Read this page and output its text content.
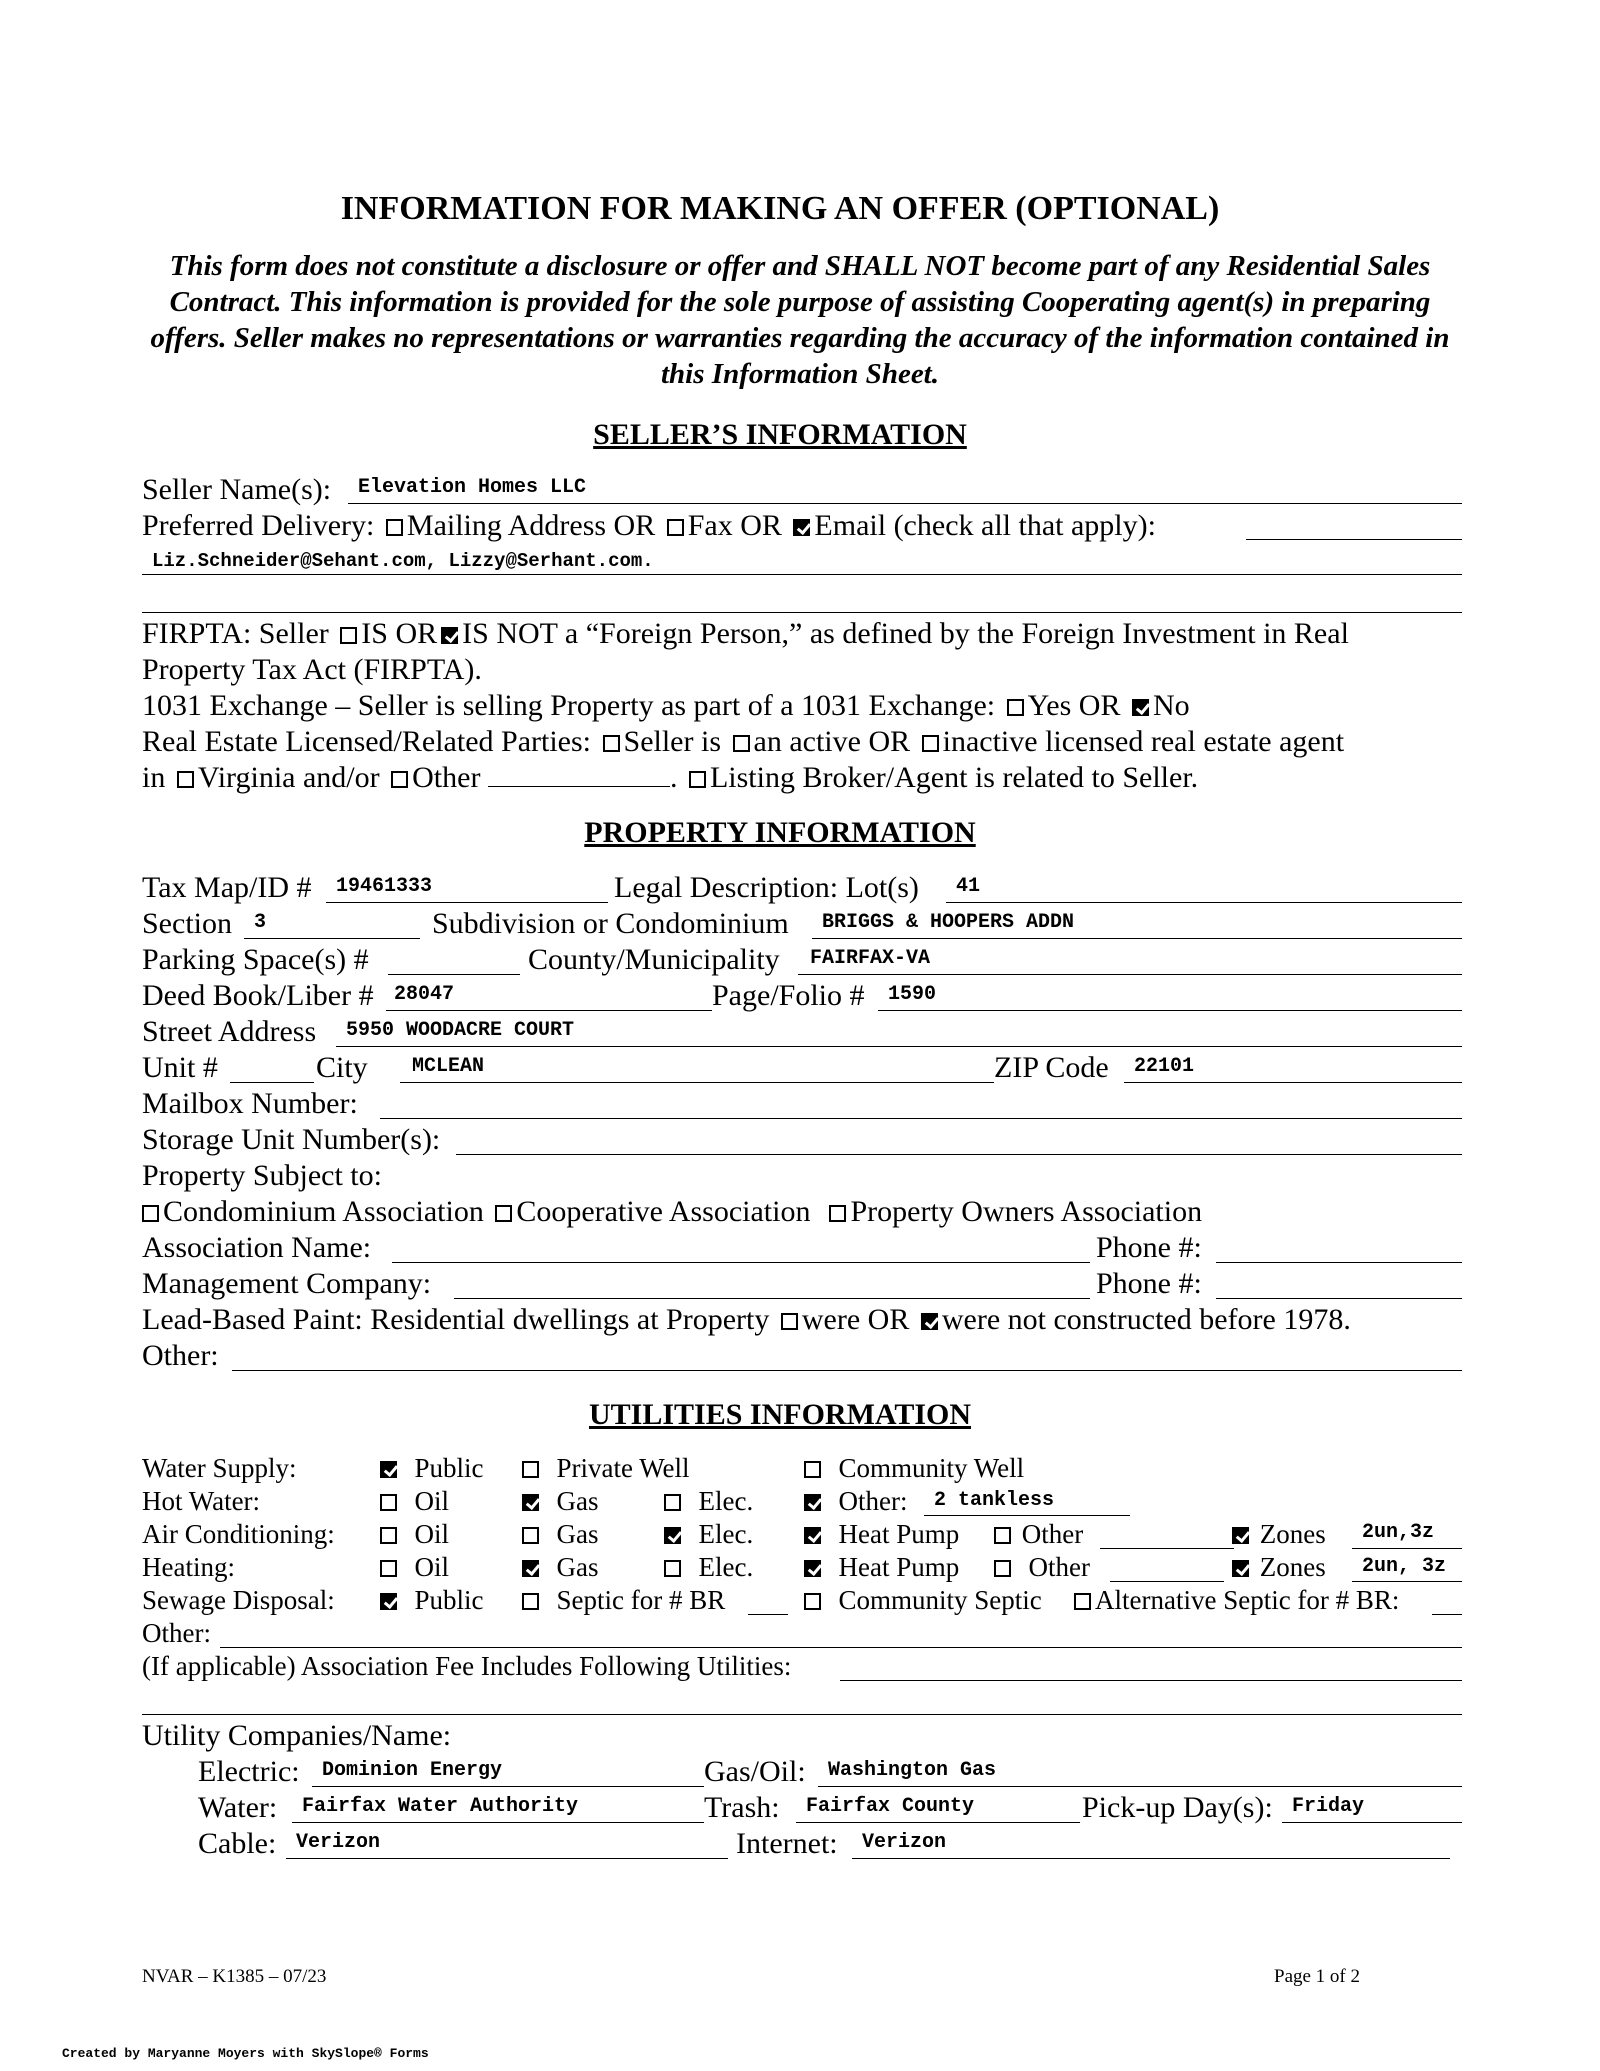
INFORMATION FOR MAKING AN OFFER (OPTIONAL)
This form does not constitute a disclosure or offer and SHALL NOT become part of any Residential Sales Contract. This information is provided for the sole purpose of assisting Cooperating agent(s) in preparing offers. Seller makes no representations or warranties regarding the accuracy of the information contained in this Information Sheet.
SELLER’S INFORMATION
Seller Name(s): Elevation Homes LLC
Preferred Delivery: Mailing Address OR Fax OR Email (check all that apply):
Liz.Schneider@Sehant.com, Lizzy@Serhant.com.
FIRPTA: Seller IS OR IS NOT a “Foreign Person,” as defined by the Foreign Investment in Real
Property Tax Act (FIRPTA).
1031 Exchange – Seller is selling Property as part of a 1031 Exchange: Yes OR No
Real Estate Licensed/Related Parties: Seller is an active OR inactive licensed real estate agent
in Virginia and/or Other	. Listing Broker/Agent is related to Seller.
PROPERTY INFORMATION
Tax Map/ID # 19461333	Legal Description: Lot(s) 41
Section 3	Subdivision or Condominium BRIGGS & HOOPERS ADDN
Parking Space(s) #	County/Municipality FAIRFAX-VA
Deed Book/Liber # 28047	Page/Folio # 1590
Street Address 5950 WOODACRE COURT
Unit #	City MCLEAN	ZIP Code 22101
Mailbox Number:
Storage Unit Number(s):
Property Subject to:
Condominium Association Cooperative Association Property Owners Association
Association Name:	Phone #:
Management Company:	Phone #:
Lead-Based Paint: Residential dwellings at Property were OR were not constructed before 1978.
Other:
UTILITIES INFORMATION
Water Supply:	Public	Private Well	Community Well
Hot Water:	Oil	Gas	Elec.	Other: 2 tankless
Air Conditioning:	Oil	Gas	Elec.	Heat Pump	Other	Zones 2un,3z
Heating:	Oil	Gas	Elec.	Heat Pump	Other	Zones 2un, 3z
Sewage Disposal:	Public	Septic for # BR	Community Septic	Alternative Septic for # BR:
Other:
(If applicable) Association Fee Includes Following Utilities:
Utility Companies/Name:
Electric: Dominion Energy	Gas/Oil: Washington Gas
Water: Fairfax Water Authority	Trash: Fairfax County	Pick-up Day(s): Friday
Cable: Verizon	Internet: Verizon
NVAR – K1385 – 07/23	Page 1 of 2
Created by Maryanne Moyers with SkySlope® Forms
